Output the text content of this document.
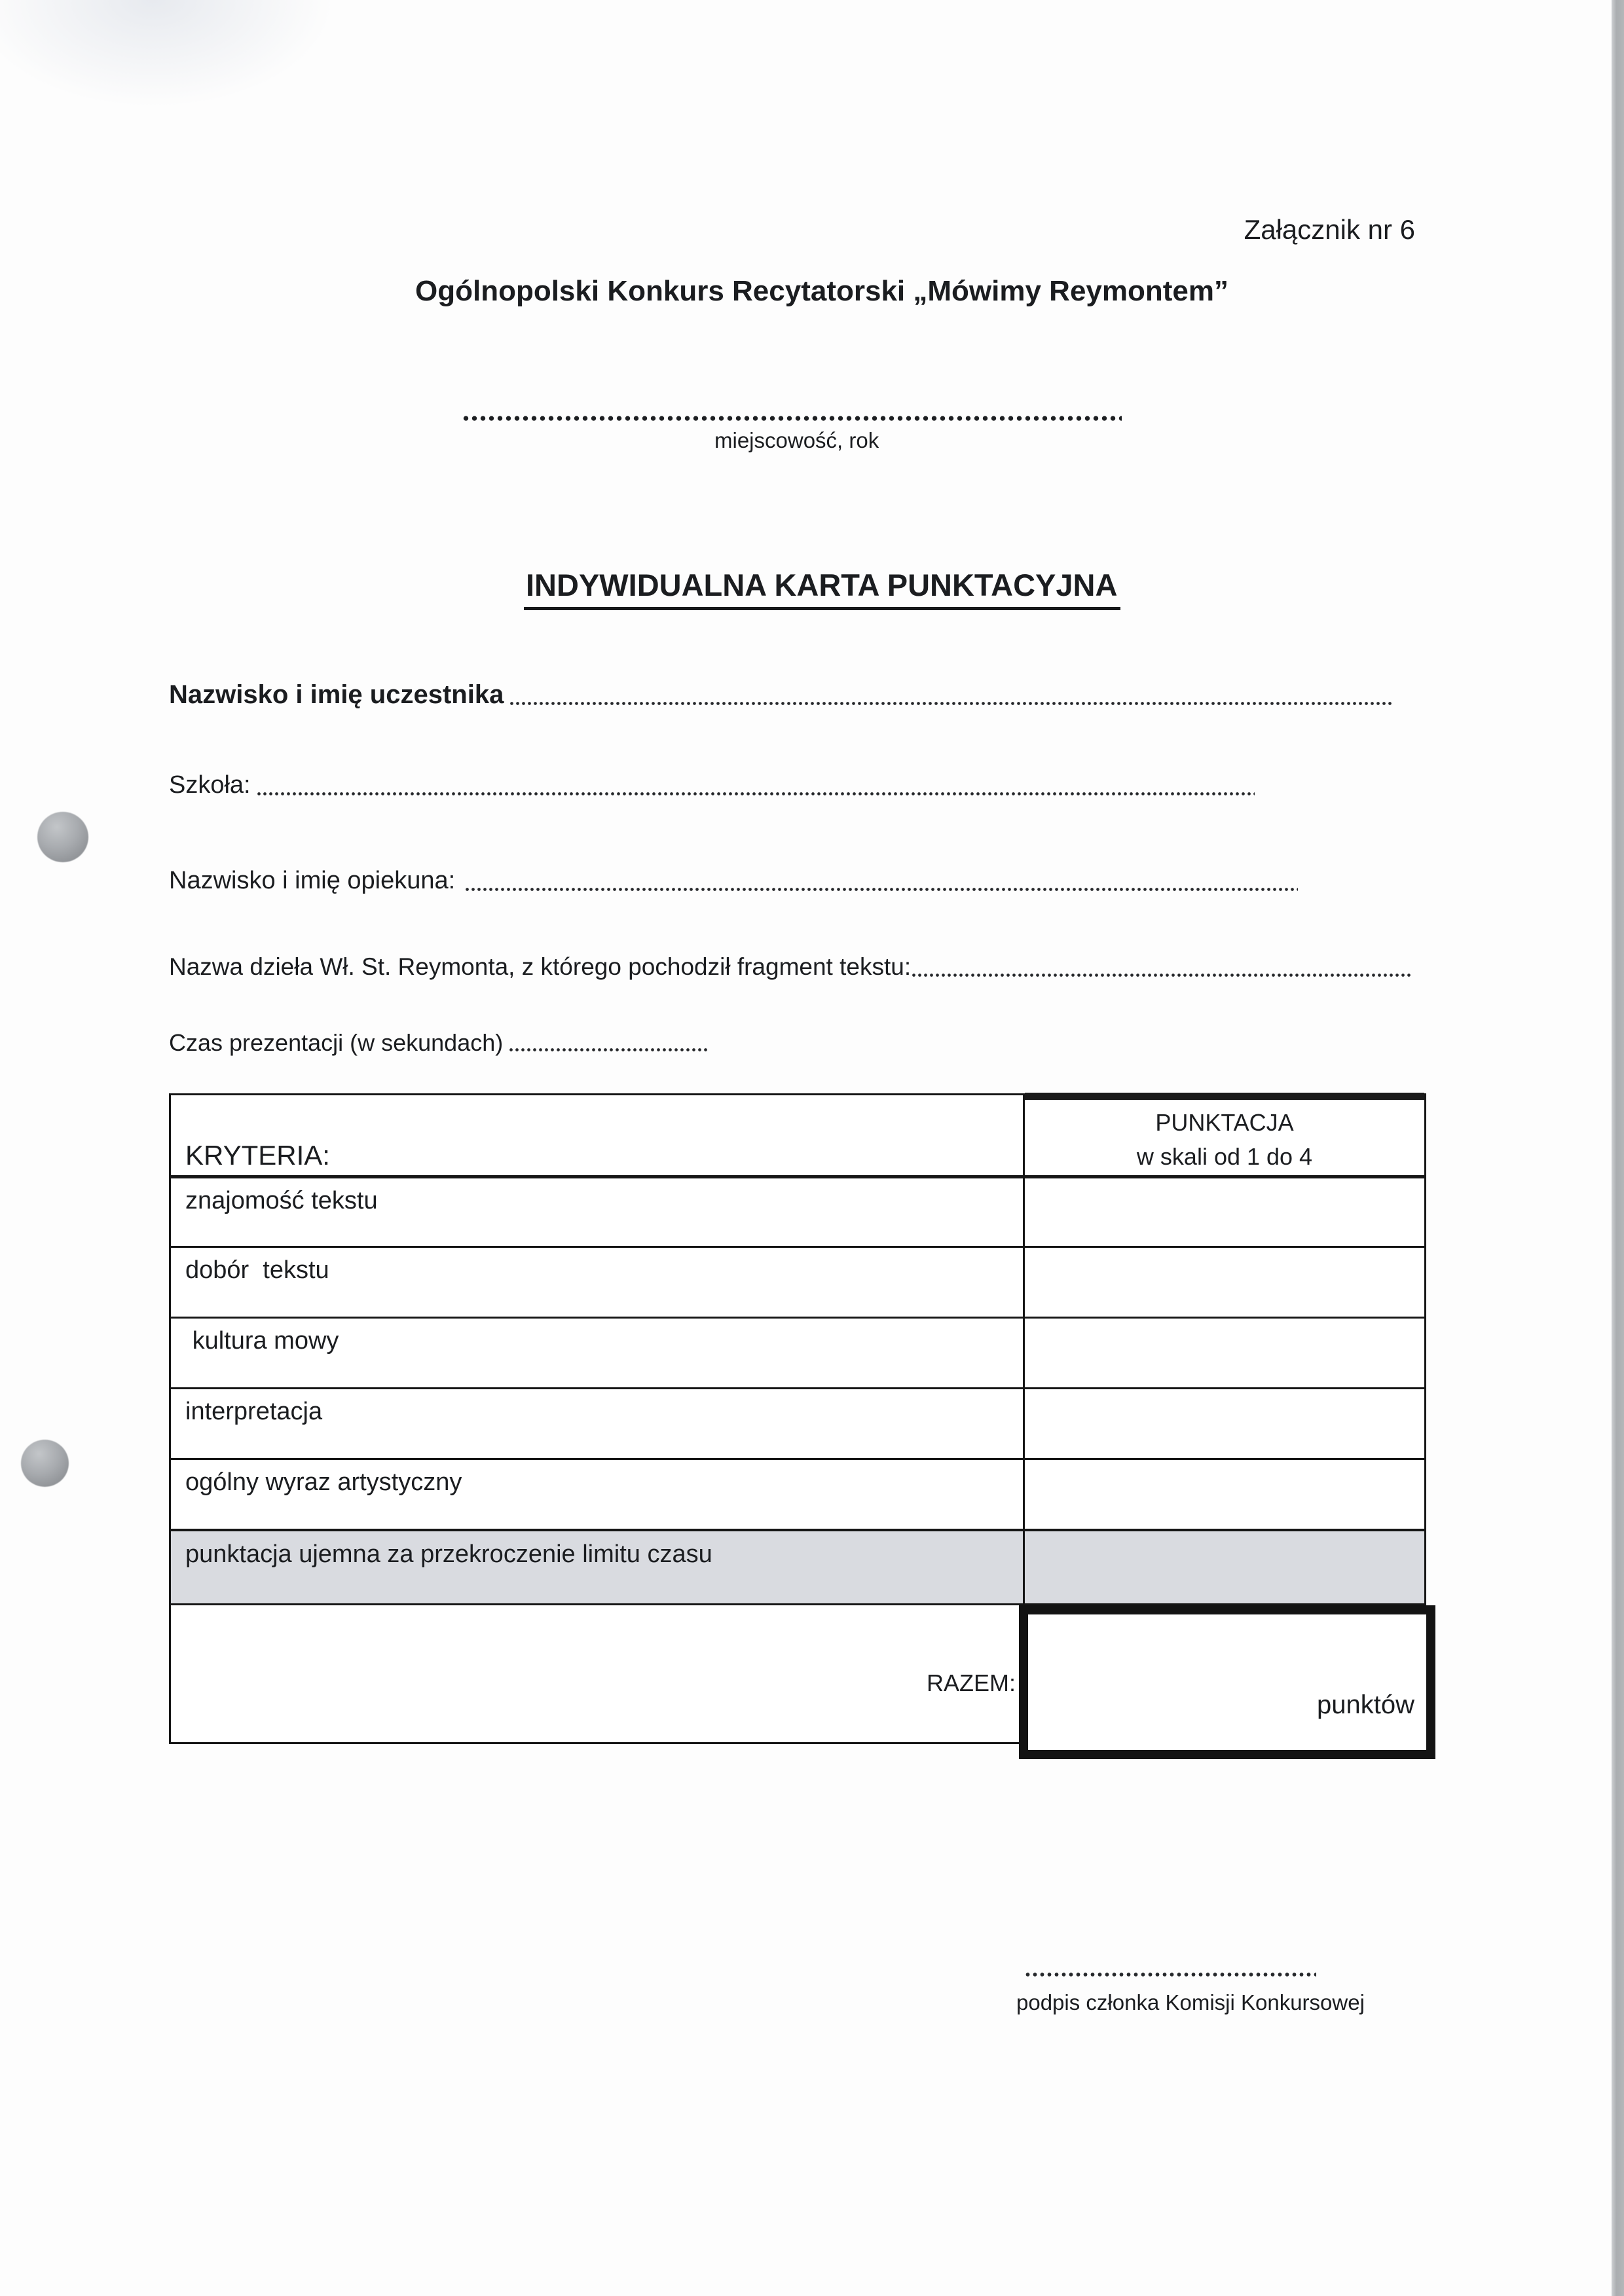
Załącznik nr 6
Ogólnopolski Konkurs Recytatorski „Mówimy Reymontem”
miejscowość, rok
INDYWIDUALNA KARTA PUNKTACYJNA
Nazwisko i imię uczestnika
Szkoła:
Nazwisko i imię opiekuna:
Nazwa dzieła Wł. St. Reymonta, z którego pochodził fragment tekstu:
Czas prezentacji (w sekundach)
KRYTERIA:
PUNKTACJA
w skali od 1 do 4
znajomość tekstu
dobór  tekstu
kultura mowy
interpretacja
ogólny wyraz artystyczny
punktacja ujemna za przekroczenie limitu czasu
RAZEM:
punktów
podpis członka Komisji Konkursowej
